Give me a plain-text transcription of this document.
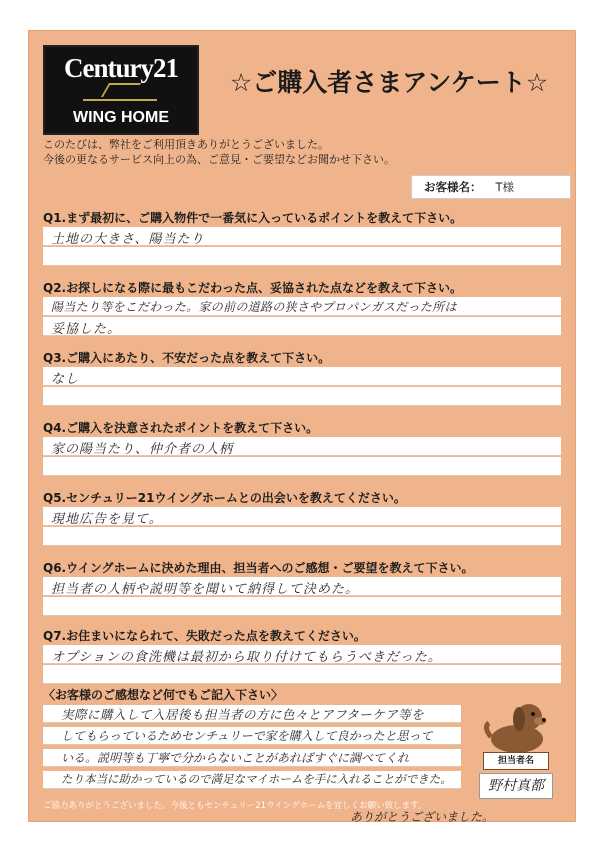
Century21
WING HOME
☆ご購入者さまアンケート☆
このたびは、弊社をご利用頂きありがとうございました。
今後の更なるサービス向上の為、ご意見・ご要望などお聞かせ下さい。
お客様名： T様
Q1.まず最初に、ご購入物件で一番気に入っているポイントを教えて下さい。
土地の大きさ、陽当たり
Q2.お探しになる際に最もこだわった点、妥協された点などを教えて下さい。
陽当たり等をこだわった。家の前の道路の狭さやプロパンガスだった所は
妥協した。
Q3.ご購入にあたり、不安だった点を教えて下さい。
なし
Q4.ご購入を決意されたポイントを教えて下さい。
家の陽当たり、仲介者の人柄
Q5.センチュリー21ウイングホームとの出会いを教えてください。
現地広告を見て。
Q6.ウイングホームに決めた理由、担当者へのご感想・ご要望を教えて下さい。
担当者の人柄や説明等を聞いて納得して決めた。
Q7.お住まいになられて、失敗だった点を教えてください。
オプションの食洗機は最初から取り付けてもらうべきだった。
〈お客様のご感想など何でもご記入下さい〉
実際に購入して入居後も担当者の方に色々とアフターケア等を
してもらっているためセンチュリーで家を購入して良かったと思って
いる。説明等も丁寧で分からないことがあればすぐに調べてくれ
たり本当に助かっているので満足なマイホームを手に入れることができた。
担当者名
野村真都
ご協力ありがとうございました。今後ともセンチュリー21ウイングホームを宜しくお願い致します。
ありがとうございました。
